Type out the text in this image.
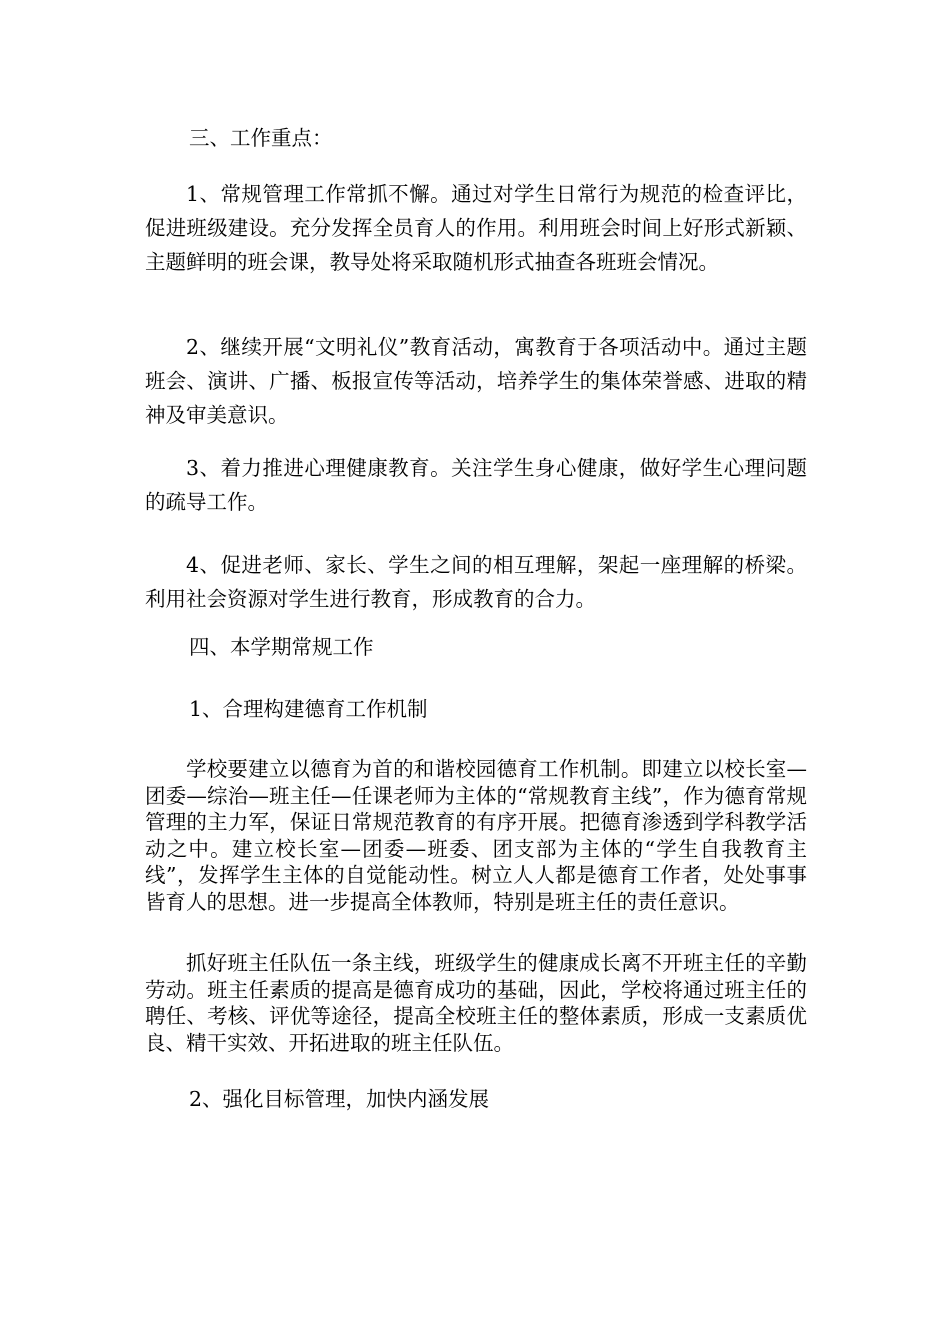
三、工作重点：

1、常规管理工作常抓不懈。通过对学生日常行为规范的检查评比，促进班级建设。充分发挥全员育人的作用。利用班会时间上好形式新颖、主题鲜明的班会课，教导处将采取随机形式抽查各班班会情况。

2、继续开展“文明礼仪”教育活动，寓教育于各项活动中。通过主题班会、演讲、广播、板报宣传等活动，培养学生的集体荣誉感、进取的精神及审美意识。

3、着力推进心理健康教育。关注学生身心健康，做好学生心理问题的疏导工作。

4、促进老师、家长、学生之间的相互理解，架起一座理解的桥梁。利用社会资源对学生进行教育，形成教育的合力。

四、本学期常规工作

1、合理构建德育工作机制

学校要建立以德育为首的和谐校园德育工作机制。即建立以校长室—团委—综治—班主任—任课老师为主体的“常规教育主线”，作为德育常规管理的主力军，保证日常规范教育的有序开展。把德育渗透到学科教学活动之中。建立校长室—团委—班委、团支部为主体的“学生自我教育主线”，发挥学生主体的自觉能动性。树立人人都是德育工作者，处处事事皆育人的思想。进一步提高全体教师，特别是班主任的责任意识。

抓好班主任队伍一条主线，班级学生的健康成长离不开班主任的辛勤劳动。班主任素质的提高是德育成功的基础，因此，学校将通过班主任的聘任、考核、评优等途径，提高全校班主任的整体素质，形成一支素质优良、精干实效、开拓进取的班主任队伍。

2、强化目标管理，加快内涵发展
